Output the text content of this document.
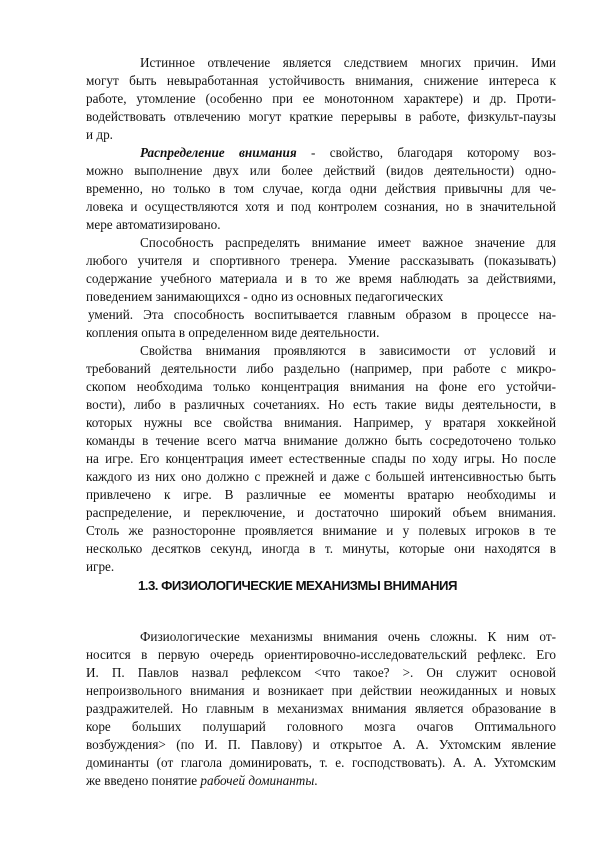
Истинное отвлечение является следствием многих причин. Ими
могут быть невыработанная устойчивость внимания, снижение интереса к
работе, утомление (особенно при ее монотонном характере) и др. Проти-
водействовать отвлечению могут краткие перерывы в работе, физкульт-паузы
и др.
Распределение внимания - свойство, благодаря которому воз-
можно выполнение двух или более действий (видов деятельности) одно-
временно, но только в том случае, когда одни действия привычны для че-
ловека и осуществляются хотя и под контролем сознания, но в значительной
мере автоматизировано.
Способность распределять внимание имеет важное значение для
любого учителя и спортивного тренера. Умение рассказывать (показывать)
содержание учебного материала и в то же время наблюдать за действиями,
поведением занимающихся - одно из основных педагогических
умений. Эта способность воспитывается главным образом в процессе на-
копления опыта в определенном виде деятельности.
Свойства внимания проявляются в зависимости от условий и
требований деятельности либо раздельно (например, при работе с микро-
скопом необходима только концентрация внимания на фоне его устойчи-
вости), либо в различных сочетаниях. Но есть такие виды деятельности, в
которых нужны все свойства внимания. Например, у вратаря хоккейной
команды в течение всего матча внимание должно быть сосредоточено только
на игре. Его концентрация имеет естественные спады по ходу игры. Но после
каждого из них оно должно с прежней и даже с большей интенсивностью быть
привлечено к игре. В различные ее моменты вратарю необходимы и
распределение, и переключение, и достаточно широкий объем внимания.
Столь же разносторонне проявляется внимание и у полевых игроков в те
несколько десятков секунд, иногда в т. минуты, которые они находятся в
игре.
1.3. ФИЗИОЛОГИЧЕСКИЕ МЕХАНИЗМЫ ВНИМАНИЯ
Физиологические механизмы внимания очень сложны. К ним от-
носится в первую очередь ориентировочно-исследовательский рефлекс. Его
И. П. Павлов назвал рефлексом <что такое? >. Он служит основой
непроизвольного внимания и возникает при действии неожиданных и новых
раздражителей. Но главным в механизмах внимания является образование в
коре больших полушарий головного мозга очагов Оптимального
возбуждения> (по И. П. Павлову) и открытое А. А. Ухтомским явление
доминанты (от глагола доминировать, т. е. господствовать). А. А. Ухтомским
же введено понятие рабочей доминанты.
